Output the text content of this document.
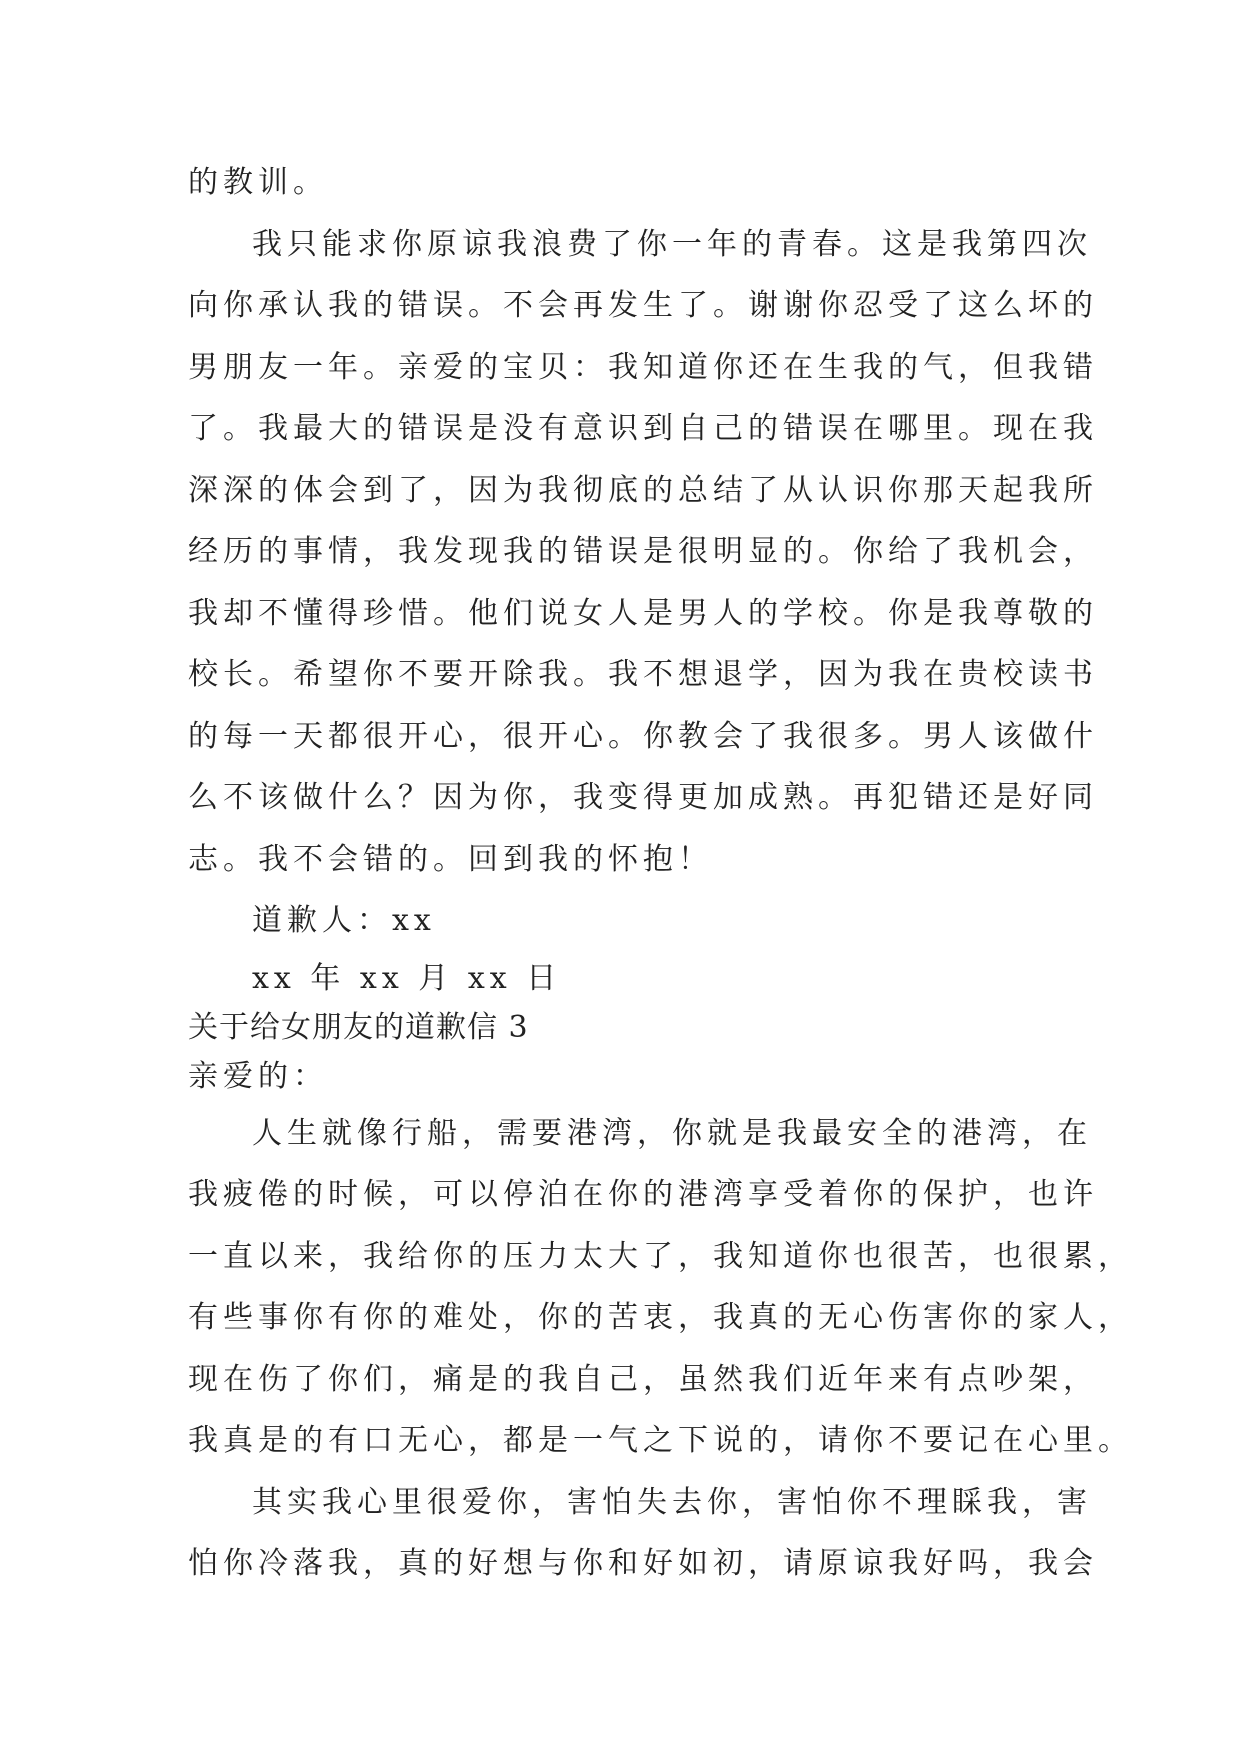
的教训。
我只能求你原谅我浪费了你一年的青春。这是我第四次
向你承认我的错误。不会再发生了。谢谢你忍受了这么坏的
男朋友一年。亲爱的宝贝：我知道你还在生我的气，但我错
了。我最大的错误是没有意识到自己的错误在哪里。现在我
深深的体会到了，因为我彻底的总结了从认识你那天起我所
经历的事情，我发现我的错误是很明显的。你给了我机会，
我却不懂得珍惜。他们说女人是男人的学校。你是我尊敬的
校长。希望你不要开除我。我不想退学，因为我在贵校读书
的每一天都很开心，很开心。你教会了我很多。男人该做什
么不该做什么？因为你，我变得更加成熟。再犯错还是好同
志。我不会错的。回到我的怀抱！
道歉人：xx
xx 年 xx 月 xx 日
关于给女朋友的道歉信 3
亲爱的：
人生就像行船，需要港湾，你就是我最安全的港湾，在
我疲倦的时候，可以停泊在你的港湾享受着你的保护，也许
一直以来，我给你的压力太大了，我知道你也很苦，也很累，
有些事你有你的难处，你的苦衷，我真的无心伤害你的家人，
现在伤了你们，痛是的我自己，虽然我们近年来有点吵架，
我真是的有口无心，都是一气之下说的，请你不要记在心里。
其实我心里很爱你，害怕失去你，害怕你不理睬我，害
怕你冷落我，真的好想与你和好如初，请原谅我好吗，我会
